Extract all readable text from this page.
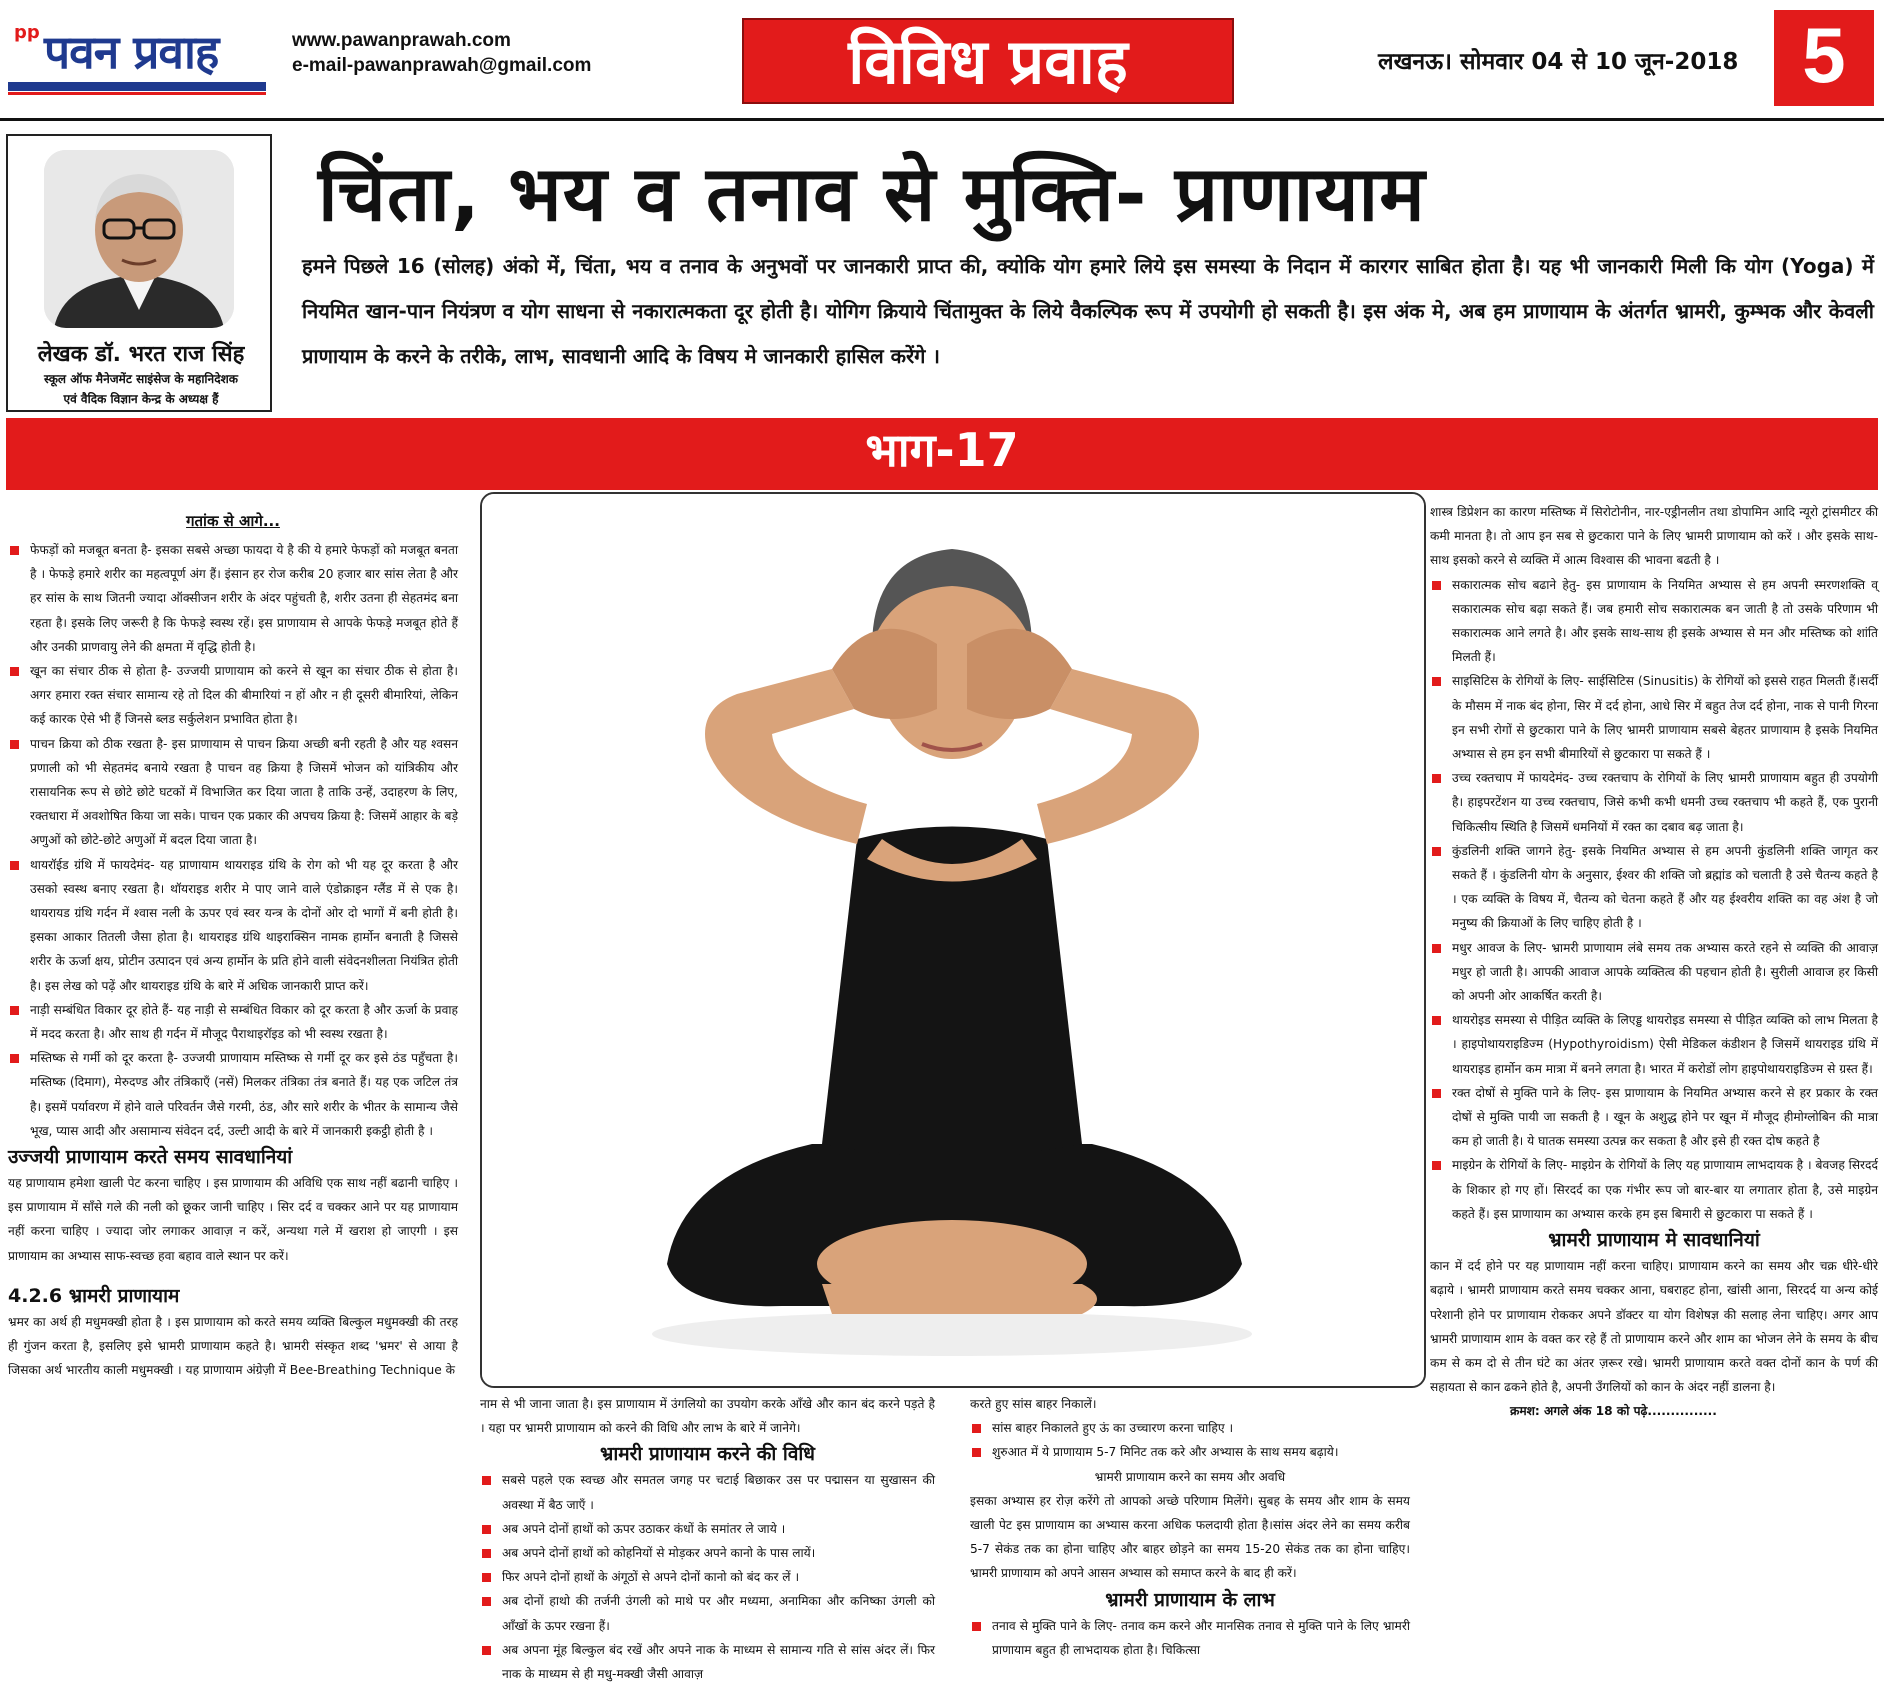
pp पवन प्रवाह	www.pawanprawah.com
e-mail-pawanprawah@gmail.com	विविध प्रवाह	लखनऊ। सोमवार 04 से 10 जून-2018 5
लेखक डॉ. भरत राज सिंह
स्कूल ऑफ मैनेजमेंट साइंसेज के महानिदेशक
एवं वैदिक विज्ञान केन्द्र के अध्यक्ष हैं
चिंता, भय व तनाव से मुक्ति- प्राणायाम
हमने पिछले 16 (सोलह) अंको में, चिंता, भय व तनाव के अनुभवों पर जानकारी प्राप्त की, क्योकि योग हमारे लिये इस समस्या के निदान में कारगर साबित होता है। यह भी जानकारी मिली कि योग (Yoga) में नियमित खान-पान नियंत्रण व योग साधना से नकारात्मकता दूर होती है। योगिग क्रियाये चिंतामुक्त के लिये वैकल्पिक रूप में उपयोगी हो सकती है। इस अंक मे, अब हम प्राणायाम के अंतर्गत भ्रामरी, कुम्भक और केवली प्राणायाम के करने के तरीके, लाभ, सावधानी आदि के विषय मे जानकारी हासिल करेंगे ।
भाग-17

गतांक से आगे...

फेफड़ों को मजबूत बनता है- इसका सबसे अच्छा फायदा ये है की ये हमारे फेफड़ों को मजबूत बनता है । फेफड़े हमारे शरीर का महत्वपूर्ण अंग हैं। इंसान हर रोज करीब 20 हजार बार सांस लेता है और हर सांस के साथ जितनी ज्यादा ऑक्सीजन शरीर के अंदर पहुंचती है, शरीर उतना ही सेहतमंद बना रहता है। इसके लिए जरूरी है कि फेफड़े स्वस्थ रहें। इस प्राणायाम से आपके फेफड़े मजबूत होते हैं और उनकी प्राणवायु लेने की क्षमता में वृद्धि होती है।

खून का संचार ठीक से होता है- उज्जयी प्राणायाम को करने से खून का संचार ठीक से होता है।अगर हमारा रक्त संचार सामान्य रहे तो दिल की बीमारियां न हों और न ही दूसरी बीमारियां, लेकिन कई कारक ऐसे भी हैं जिनसे ब्लड सर्कुलेशन प्रभावित होता है।

पाचन क्रिया को ठीक रखता है- इस प्राणायाम से पाचन क्रिया अच्छी बनी रहती है और यह श्वसन प्रणाली को भी सेहतमंद बनाये रखता है पाचन वह क्रिया है जिसमें भोजन को यांत्रिकीय और रासायनिक रूप से छोटे छोटे घटकों में विभाजित कर दिया जाता है ताकि उन्हें, उदाहरण के लिए, रक्तधारा में अवशोषित किया जा सके। पाचन एक प्रकार की अपचय क्रिया है: जिसमें आहार के बड़े अणुओं को छोटे-छोटे अणुओं में बदल दिया जाता है।

थायरॉईड ग्रंथि में फायदेमंद- यह प्राणायाम थायराइड ग्रंथि के रोग को भी यह दूर करता है और उसको स्वस्थ बनाए रखता है। थॉयराइड शरीर मे पाए जाने वाले एंडोक्राइन ग्लैंड में से एक है। थायरायड ग्रंथि गर्दन में श्वास नली के ऊपर एवं स्वर यन्त्र के दोनों ओर दो भागों में बनी होती है। इसका आकार तितली जैसा होता है। थायराइड ग्रंथि थाइराक्सिन नामक हार्मोन बनाती है जिससे शरीर के ऊर्जा क्षय, प्रोटीन उत्पादन एवं अन्य हार्मोन के प्रति होने वाली संवेदनशीलता नियंत्रित होती है। इस लेख को पढ़ें और थायराइड ग्रंथि के बारे में अधिक जानकारी प्राप्त करें।

नाड़ी सम्बंधित विकार दूर होते हैं- यह नाड़ी से सम्बंधित विकार को दूर करता है और ऊर्जा के प्रवाह में मदद करता है। और साथ ही गर्दन में मौजूद पैराथाइरॉइड को भी स्वस्थ रखता है।

मस्तिष्क से गर्मी को दूर करता है- उज्जयी प्राणायाम मस्तिष्क से गर्मी दूर कर इसे ठंड पहुँचता है।मस्तिष्क (दिमाग), मेरुदण्ड और तंत्रिकाएँ (नसें) मिलकर तंत्रिका तंत्र बनाते हैं। यह एक जटिल तंत्र है। इसमें पर्यावरण में होने वाले परिवर्तन जैसे गरमी, ठंड, और सारे शरीर के भीतर के सामान्य जैसे भूख, प्यास आदी और असामान्य संवेदन दर्द, उल्टी आदी के बारे में जानकारी इकट्ठी होती है ।

उज्जयी प्राणायाम करते समय सावधानियां

यह प्राणायाम हमेशा खाली पेट करना चाहिए । इस प्राणायाम की अविधि एक साथ नहीं बढानी चाहिए । इस प्राणायाम में साँसे गले की नली को छूकर जानी चाहिए । सिर दर्द व चक्कर आने पर यह प्राणायाम नहीं करना चाहिए । ज्यादा जोर लगाकर आवाज़ न करें, अन्यथा गले में खराश हो जाएगी । इस प्राणायाम का अभ्यास साफ-स्वच्छ हवा बहाव वाले स्थान पर करें।

4.2.6 भ्रामरी प्राणायाम

भ्रमर का अर्थ ही मधुमक्खी होता है । इस प्राणायाम को करते समय व्यक्ति बिल्कुल मधुमक्खी की तरह ही गुंजन करता है, इसलिए इसे भ्रामरी प्राणायाम कहते है। भ्रामरी संस्कृत शब्द 'भ्रमर' से आया है जिसका अर्थ भारतीय काली मधुमक्खी । यह प्राणायाम अंग्रेज़ी में Bee-Breathing Technique के

नाम से भी जाना जाता है। इस प्राणायाम में उंगलियो का उपयोग करके आँखे और कान बंद करने पड़ते है । यहा पर भ्रामरी प्राणायाम को करने की विधि और लाभ के बारे में जानेगे।

भ्रामरी प्राणायाम करने की विधि

सबसे पहले एक स्वच्छ और समतल जगह पर चटाई बिछाकर उस पर पद्मासन या सुखासन की अवस्था में बैठ जाएँ ।

अब अपने दोनों हाथों को ऊपर उठाकर कंधों के समांतर ले जाये ।

अब अपने दोनों हाथों को कोहनियों से मोड़कर अपने कानो के पास लायें।

फिर अपने दोनों हाथों के अंगूठों से अपने दोनों कानो को बंद कर लें ।

अब दोनों हाथो की तर्जनी उंगली को माथे पर और मध्यमा, अनामिका और कनिष्का उंगली को आँखों के ऊपर रखना हैं।

अब अपना मूंह बिल्कुल बंद रखें और अपने नाक के माध्यम से सामान्य गति से सांस अंदर लें। फिर नाक के माध्यम से ही मधु-मक्खी जैसी आवाज़

करते हुए सांस बाहर निकालें।

सांस बाहर निकालते हुए ऊं का उच्चारण करना चाहिए ।

शुरुआत में ये प्राणायाम 5-7 मिनिट तक करे और अभ्यास के साथ समय बढ़ाये।

भ्रामरी प्राणायाम करने का समय और अवधि

इसका अभ्यास हर रोज़ करेंगे तो आपको अच्छे परिणाम मिलेंगे। सुबह के समय और शाम के समय खाली पेट इस प्राणायाम का अभ्यास करना अधिक फलदायी होता है।सांस अंदर लेने का समय करीब 5-7 सेकंड तक का होना चाहिए और बाहर छोड़ने का समय 15-20 सेकंड तक का होना चाहिए। भ्रामरी प्राणायाम को अपने आसन अभ्यास को समाप्त करने के बाद ही करें।

भ्रामरी प्राणायाम के लाभ

तनाव से मुक्ति पाने के लिए- तनाव कम करने और मानसिक तनाव से मुक्ति पाने के लिए भ्रामरी प्राणायाम बहुत ही लाभदायक होता है। चिकित्सा

शास्त्र डिप्रेशन का कारण मस्तिष्क में सिरोटोनीन, नार-एड्रीनलीन तथा डोपामिन आदि न्यूरो ट्रांसमीटर की कमी मानता है। तो आप इन सब से छुटकारा पाने के लिए भ्रामरी प्राणायाम को करें । और इसके साथ-साथ इसको करने से व्यक्ति में आत्म विश्वास की भावना बढती है ।

सकारात्मक सोच बढाने हेतु- इस प्राणायाम के नियमित अभ्यास से हम अपनी स्मरणशक्ति व् सकारात्मक सोच बढ़ा सकते हैं। जब हमारी सोच सकारात्मक बन जाती है तो उसके परिणाम भी सकारात्मक आने लगते है। और इसके साथ-साथ ही इसके अभ्यास से मन और मस्तिष्क को शांति मिलती हैं।

साइसिटिस के रोगियों के लिए- साईसिटिस (Sinusitis) के रोगियों को इससे राहत मिलती हैं।सर्दी के मौसम में नाक बंद होना, सिर में दर्द होना, आधे सिर में बहुत तेज दर्द होना, नाक से पानी गिरना इन सभी रोगों से छुटकारा पाने के लिए भ्रामरी प्राणायाम सबसे बेहतर प्राणायाम है इसके नियमित अभ्यास से हम इन सभी बीमारियों से छुटकारा पा सकते हैं ।

उच्च रक्तचाप में फायदेमंद- उच्च रक्तचाप के रोगियों के लिए भ्रामरी प्राणायाम बहुत ही उपयोगी है। हाइपरटेंशन या उच्च रक्तचाप, जिसे कभी कभी धमनी उच्च रक्तचाप भी कहते हैं, एक पुरानी चिकित्सीय स्थिति है जिसमें धमनियों में रक्त का दबाव बढ़ जाता है।

कुंडलिनी शक्ति जागने हेतु- इसके नियमित अभ्यास से हम अपनी कुंडलिनी शक्ति जागृत कर सकते हैं । कुंडलिनी योग के अनुसार, ईश्वर की शक्ति जो ब्रह्मांड को चलाती है उसे चैतन्य कहते है । एक व्यक्ति के विषय में, चैतन्य को चेतना कहते हैं और यह ईश्वरीय शक्ति का वह अंश है जो मनुष्य की क्रियाओं के लिए चाहिए होती है ।

मधुर आवज के लिए- भ्रामरी प्राणायाम लंबे समय तक अभ्यास करते रहने से व्यक्ति की आवाज़ मधुर हो जाती है। आपकी आवाज आपके व्यक्तित्व की पहचान होती है। सुरीली आवाज हर किसी को अपनी ओर आकर्षित करती है।

थायरोइड समस्या से पीड़ित व्यक्ति के लिएड्ड थायरोइड समस्या से पीड़ित व्यक्ति को लाभ मिलता है । हाइपोथायराइडिज्म (Hypothyroidism) ऐसी मेडिकल कंडीशन है जिसमें थायराइड ग्रंथि में थायराइड हार्मोन कम मात्रा में बनने लगता है। भारत में करोडों लोग हाइपोथायराइडिज्म से ग्रस्त हैं।

रक्त दोषों से मुक्ति पाने के लिए- इस प्राणायाम के नियमित अभ्यास करने से हर प्रकार के रक्त दोषों से मुक्ति पायी जा सकती है । खून के अशुद्ध होने पर खून में मौजूद हीमोग्लोबिन की मात्रा कम हो जाती है। ये घातक समस्या उत्पन्न कर सकता है और इसे ही रक्त दोष कहते है

माइग्रेन के रोगियों के लिए- माइग्रेन के रोगियों के लिए यह प्राणायाम लाभदायक है । बेवजह सिरदर्द के शिकार हो गए हों। सिरदर्द का एक गंभीर रूप जो बार-बार या लगातार होता है, उसे माइग्रेन कहते हैं। इस प्राणायाम का अभ्यास करके हम इस बिमारी से छुटकारा पा सकते हैं ।

भ्रामरी प्राणायाम मे सावधानियां

कान में दर्द होने पर यह प्राणायाम नहीं करना चाहिए। प्राणायाम करने का समय और चक्र धीरे-धीरे बढ़ाये । भ्रामरी प्राणायाम करते समय चक्कर आना, घबराहट होना, खांसी आना, सिरदर्द या अन्य कोई परेशानी होने पर प्राणायाम रोककर अपने डॉक्टर या योग विशेषज्ञ की सलाह लेना चाहिए। अगर आप भ्रामरी प्राणायाम शाम के वक्त कर रहे हैं तो प्राणायाम करने और शाम का भोजन लेने के समय के बीच कम से कम दो से तीन घंटे का अंतर ज़रूर रखे। भ्रामरी प्राणायाम करते वक्त दोनों कान के पर्ण की सहायता से कान ढकने होते है, अपनी उँगलियों को कान के अंदर नहीं डालना है।

क्रमश: अगले अंक 18 को पढ़े...............
